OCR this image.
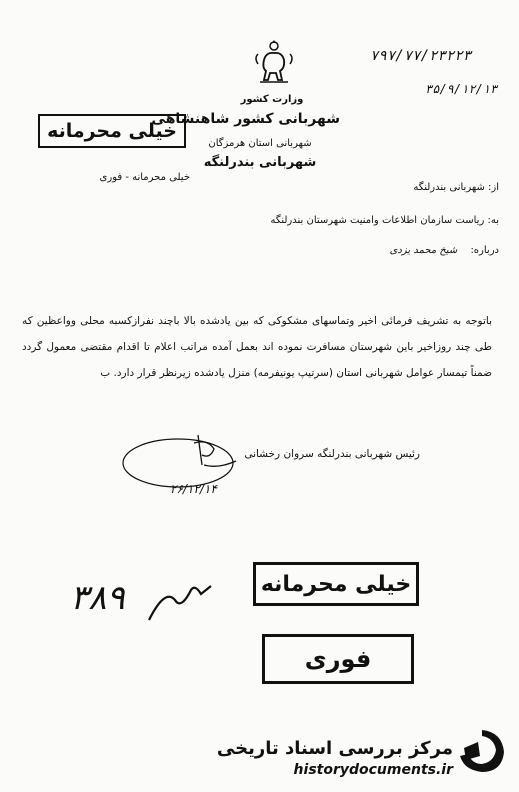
وزارت کشور
شهربانی کشور شاهنشاهی
شهربانی استان هرمزگان
شهربانی بندرلنگه
۷۹۷/۷۷/۲۳۲۲۳
۳۵/۹/۱۲/۱۳
خیلی محرمانه
خیلی محرمانه - فوری
از: شهربانی بندرلنگه
به: ریاست سازمان اطلاعات وامنیت شهرستان بندرلنگه
درباره: شیخ محمد یزدی
باتوجه به تشریف فرمائی اخیر وتماسهای مشکوکی که بین یادشده بالا باچند نفرازکسبه محلی وواعظین که طی چند روزاخیر باین شهرستان مسافرت نموده اند بعمل آمده مراتب اعلام تا اقدام مقتضی معمول گردد ضمناً تیمسار عوامل شهربانی استان (سرتیپ یونیفرمه) منزل یادشده زیرنظر قرار دارد. ب
رئیس شهربانی بندرلنگه سروان رخشانی
۲۶/۱۲/۱۴
۳۸۹	خیلی محرمانه
فوری
مرکز بررسی اسناد تاریخی
historydocuments.ir
